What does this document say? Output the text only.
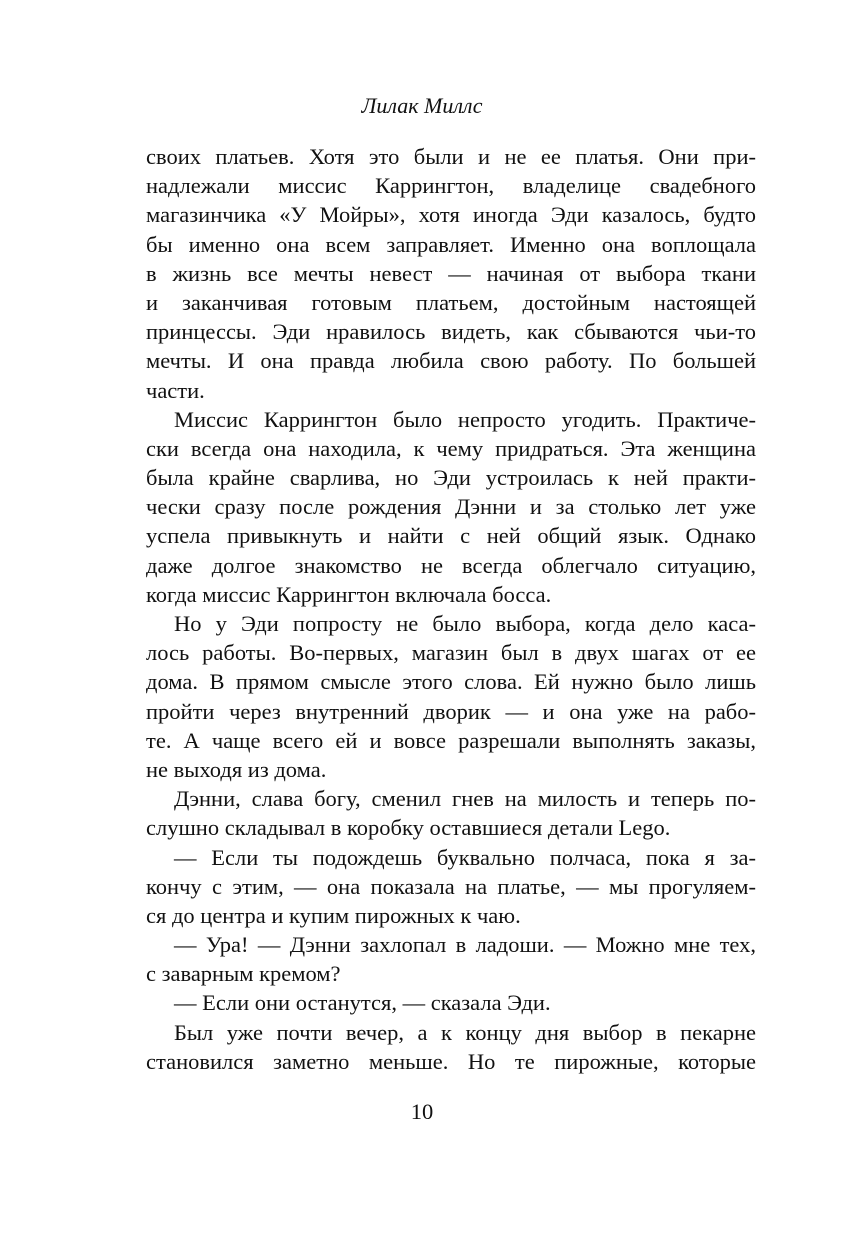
Лилак Миллс
своих платьев. Хотя это были и не ее платья. Они при-
надлежали миссис Каррингтон, владелице свадебного
магазинчика «У Мойры», хотя иногда Эди казалось, будто
бы именно она всем заправляет. Именно она воплощала
в жизнь все мечты невест — начиная от выбора ткани
и заканчивая готовым платьем, достойным настоящей
принцессы. Эди нравилось видеть, как сбываются чьи-то
мечты. И она правда любила свою работу. По большей
части.
Миссис Каррингтон было непросто угодить. Практиче-
ски всегда она находила, к чему придраться. Эта женщина
была крайне сварлива, но Эди устроилась к ней практи-
чески сразу после рождения Дэнни и за столько лет уже
успела привыкнуть и найти с ней общий язык. Однако
даже долгое знакомство не всегда облегчало ситуацию,
когда миссис Каррингтон включала босса.
Но у Эди попросту не было выбора, когда дело каса-
лось работы. Во-первых, магазин был в двух шагах от ее
дома. В прямом смысле этого слова. Ей нужно было лишь
пройти через внутренний дворик — и она уже на рабо-
те. А чаще всего ей и вовсе разрешали выполнять заказы,
не выходя из дома.
Дэнни, слава богу, сменил гнев на милость и теперь по-
слушно складывал в коробку оставшиеся детали Lego.
— Если ты подождешь буквально полчаса, пока я за-
кончу с этим, — она показала на платье, — мы прогуляем-
ся до центра и купим пирожных к чаю.
— Ура! — Дэнни захлопал в ладоши. — Можно мне тех,
с заварным кремом?
— Если они останутся, — сказала Эди.
Был уже почти вечер, а к концу дня выбор в пекарне
становился заметно меньше. Но те пирожные, которые
10
